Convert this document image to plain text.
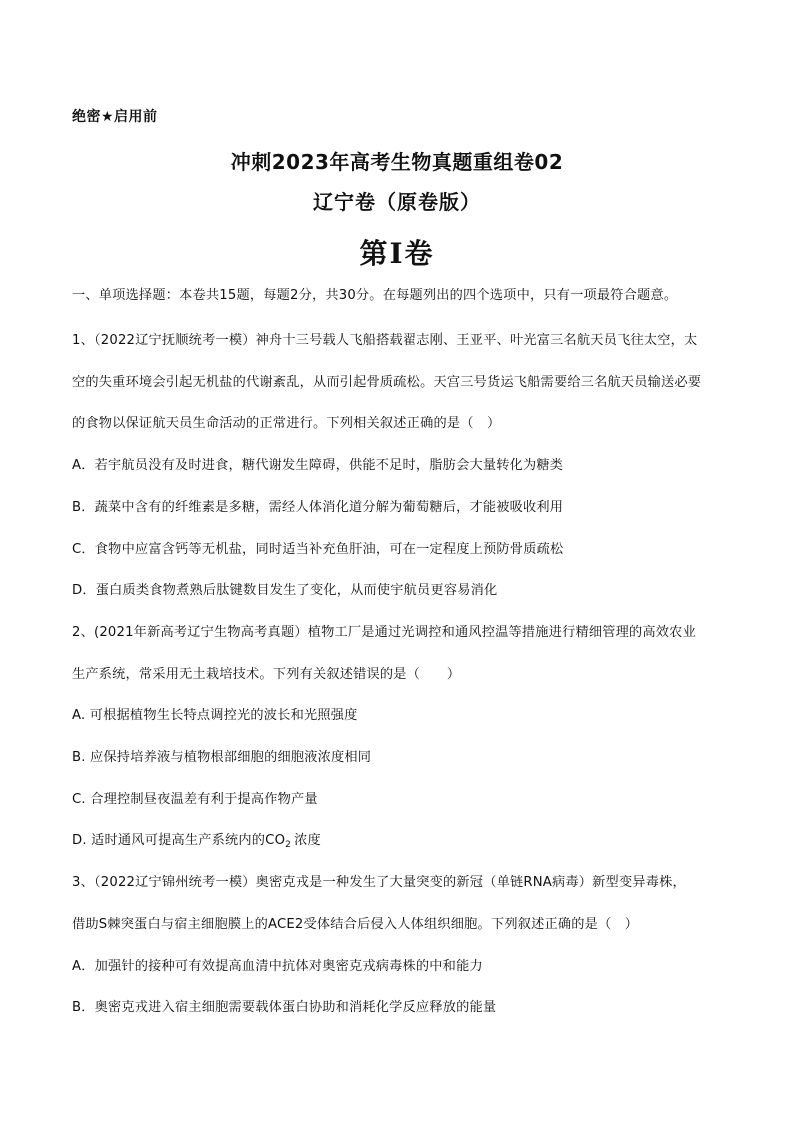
绝密★启用前
冲刺2023年高考生物真题重组卷02
辽宁卷（原卷版）
第Ⅰ卷
一、单项选择题：本卷共15题，每题2分，共30分。在每题列出的四个选项中，只有一项最符合题意。
1、（2022辽宁抚顺统考一模）神舟十三号载人飞船搭载翟志刚、王亚平、叶光富三名航天员飞往太空，太
空的失重环境会引起无机盐的代谢紊乱，从而引起骨质疏松。天宫三号货运飞船需要给三名航天员输送必要
的食物以保证航天员生命活动的正常进行。下列相关叙述正确的是（　）
A．若宇航员没有及时进食，糖代谢发生障碍，供能不足时，脂肪会大量转化为糖类
B．蔬菜中含有的纤维素是多糖，需经人体消化道分解为葡萄糖后，才能被吸收利用
C．食物中应富含钙等无机盐，同时适当补充鱼肝油，可在一定程度上预防骨质疏松
D．蛋白质类食物煮熟后肽键数目发生了变化，从而使宇航员更容易消化
2、(2021年新高考辽宁生物高考真题）植物工厂是通过光调控和通风控温等措施进行精细管理的高效农业
生产系统，常采用无土栽培技术。下列有关叙述错误的是（　　）
A. 可根据植物生长特点调控光的波长和光照强度
B. 应保持培养液与植物根部细胞的细胞液浓度相同
C. 合理控制昼夜温差有利于提高作物产量
D. 适时通风可提高生产系统内的$CO_2$ 浓度
3、（2022辽宁锦州统考一模）奥密克戎是一种发生了大量突变的新冠（单链RNA病毒）新型变异毒株，
借助S棘突蛋白与宿主细胞膜上的ACE2受体结合后侵入人体组织细胞。下列叙述正确的是（　）
A．加强针的接种可有效提高血清中抗体对奥密克戎病毒株的中和能力
B．奥密克戎进入宿主细胞需要载体蛋白协助和消耗化学反应释放的能量
